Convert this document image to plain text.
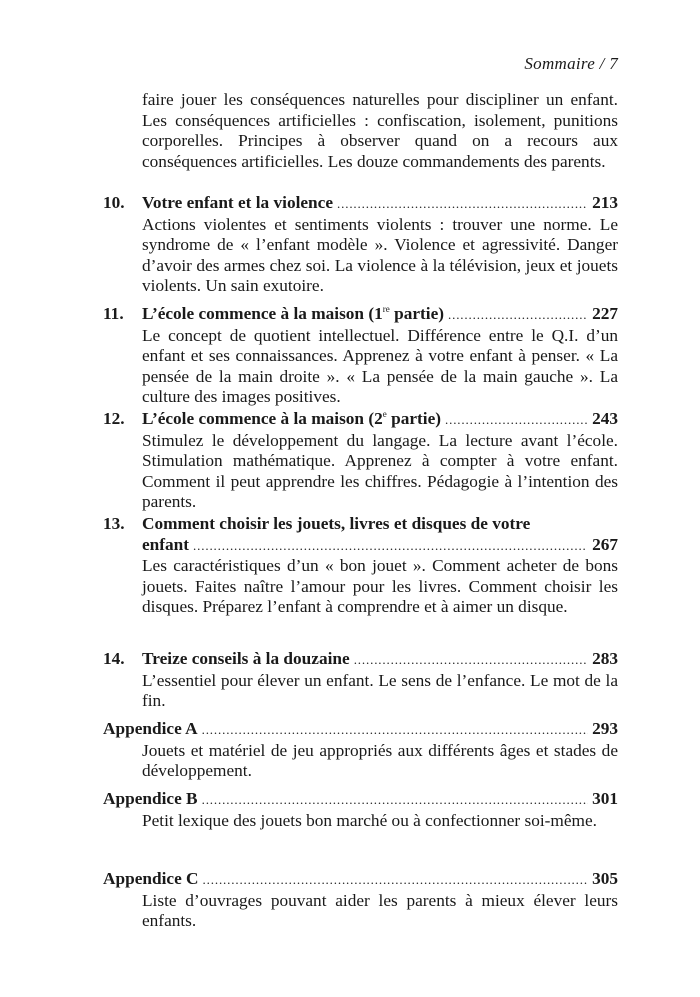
Sommaire / 7
faire jouer les conséquences naturelles pour discipliner un enfant. Les conséquences artificielles : confiscation, isolement, punitions corporelles. Principes à observer quand on a recours aux conséquences artificielles. Les douze commandements des parents.
10.	Votre enfant et la violence . . .	213
Actions violentes et sentiments violents : trouver une norme. Le syndrome de « l’enfant modèle ». Violence et agressivité. Danger d’avoir des armes chez soi. La violence à la télévision, jeux et jouets violents. Un sain exutoire.
11.	L’école commence à la maison (1re partie) . . .	227
Le concept de quotient intellectuel. Différence entre le Q.I. d’un enfant et ses connaissances. Apprenez à votre enfant à penser. « La pensée de la main droite ». « La pensée de la main gauche ». La culture des images positives.
12.	L’école commence à la maison (2e partie) . . .	243
Stimulez le développement du langage. La lecture avant l’école. Stimulation mathématique. Apprenez à compter à votre enfant. Comment il peut apprendre les chiffres. Pédagogie à l’intention des parents.
13.	Comment choisir les jouets, livres et disques de votre
enfant . . .	267
Les caractéristiques d’un « bon jouet ». Comment acheter de bons jouets. Faites naître l’amour pour les livres. Comment choisir les disques. Préparez l’enfant à comprendre et à aimer un disque.
14.	Treize conseils à la douzaine . . .	283
L’essentiel pour élever un enfant. Le sens de l’enfance. Le mot de la fin.
Appendice A . . .	293
Jouets et matériel de jeu appropriés aux différents âges et stades de développement.
Appendice B . . .	301
Petit lexique des jouets bon marché ou à confectionner soi-même.
Appendice C . . .	305
Liste d’ouvrages pouvant aider les parents à mieux élever leurs enfants.
